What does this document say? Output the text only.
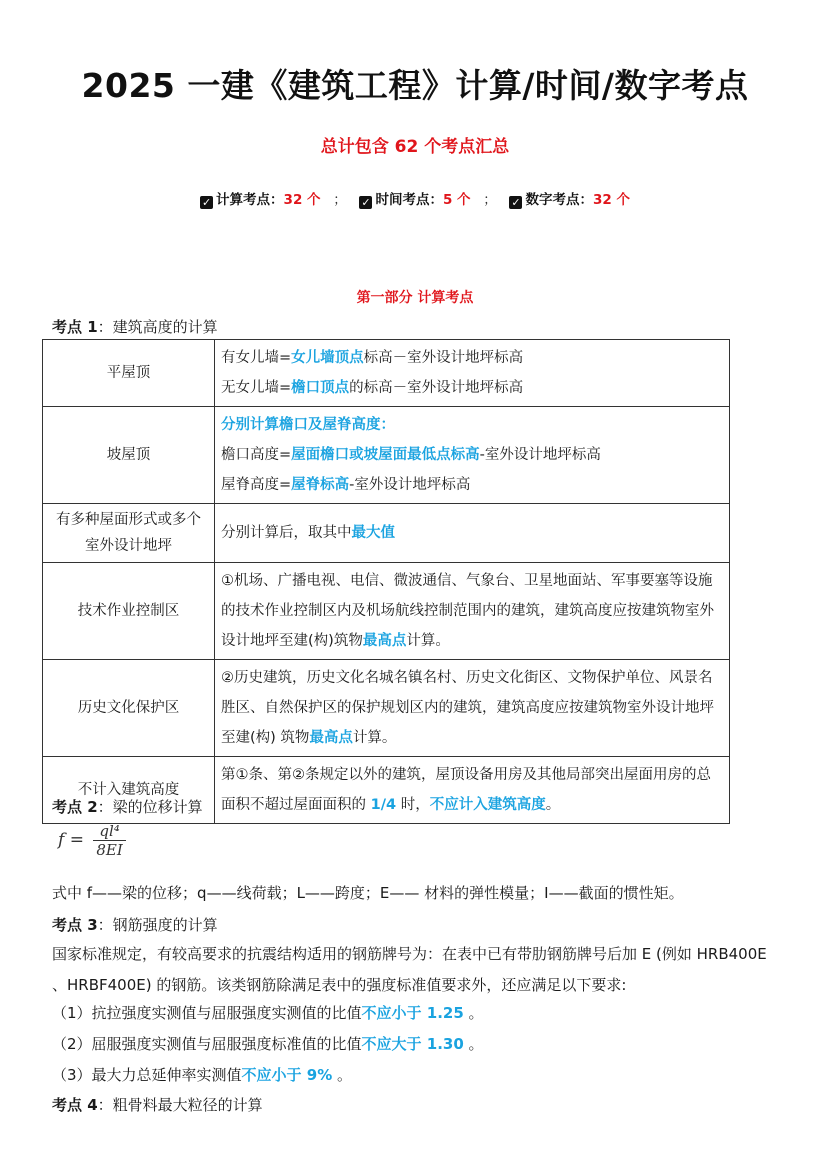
2025 一建《建筑工程》计算/时间/数字考点
总计包含 62 个考点汇总
✓ 计算考点：32 个 ； ✓ 时间考点：5 个 ； ✓ 数字考点：32 个
第一部分 计算考点
考点 1：建筑高度的计算
平屋顶	有女儿墙=女儿墙顶点标高－室外设计地坪标高
无女儿墙=檐口顶点的标高－室外设计地坪标高

坡屋顶	分别计算檐口及屋脊高度：
檐口高度=屋面檐口或坡屋面最低点标高-室外设计地坪标高
屋脊高度=屋脊标高-室外设计地坪标高

有多种屋面形式或多个室外设计地坪	分别计算后，取其中最大值
技术作业控制区	①机场、广播电视、电信、微波通信、气象台、卫星地面站、军事要塞等设施的技术作业控制区内及机场航线控制范围内的建筑，建筑高度应按建筑物室外设计地坪至建(构)筑物最高点计算。
历史文化保护区	②历史建筑，历史文化名城名镇名村、历史文化街区、文物保护单位、风景名胜区、自然保护区的保护规划区内的建筑，建筑高度应按建筑物室外设计地坪至建(构) 筑物最高点计算。
不计入建筑高度	第①条、第②条规定以外的建筑，屋顶设备用房及其他局部突出屋面用房的总面积不超过屋面面积的 1/4 时，不应计入建筑高度。
考点 2：梁的位移计算
$f = \frac{\text{ql⁴}}{8EI}$
式中 f——梁的位移；q——线荷载；L——跨度；E—— 材料的弹性模量；I——截面的惯性矩。
考点 3：钢筋强度的计算
国家标准规定，有较高要求的抗震结构适用的钢筋牌号为：在表中已有带肋钢筋牌号后加 E (例如 HRB400E 、HRBF400E) 的钢筋。该类钢筋除满足表中的强度标准值要求外，还应满足以下要求:
（1）抗拉强度实测值与屈服强度实测值的比值不应小于 1.25 。
（2）屈服强度实测值与屈服强度标准值的比值不应大于 1.30 。
（3）最大力总延伸率实测值不应小于 9% 。
考点 4：粗骨料最大粒径的计算
